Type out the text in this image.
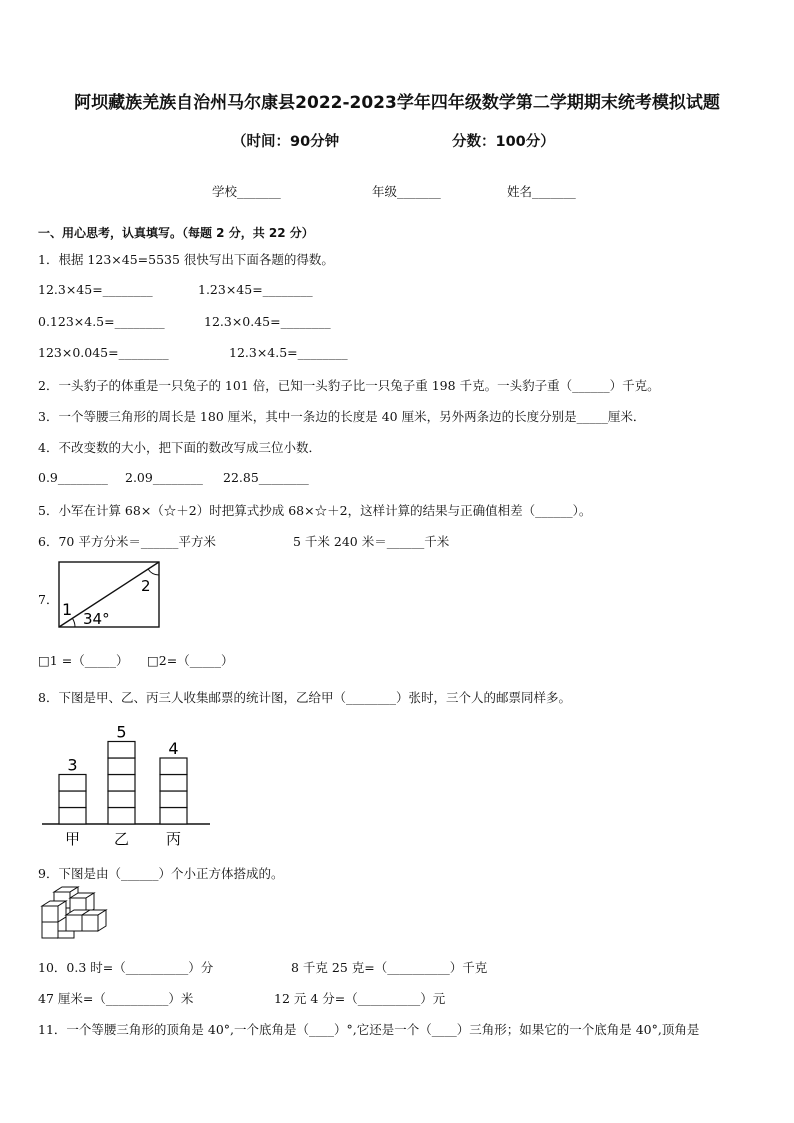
阿坝藏族羌族自治州马尔康县2022-2023学年四年级数学第二学期期末统考模拟试题
（时间：90分钟	分数：100分）
学校_______	年级_______	姓名_______
一、用心思考，认真填写。（每题 2 分，共 22 分）
1．根据 123×45=5535 很快写出下面各题的得数。
12.3×45=________	1.23×45=________
0.123×4.5=________	12.3×0.45=________
123×0.045=________	12.3×4.5=________
2．一头豹子的体重是一只兔子的 101 倍，已知一头豹子比一只兔子重 198 千克。一头豹子重（______）千克。
3．一个等腰三角形的周长是 180 厘米，其中一条边的长度是 40 厘米，另外两条边的长度分别是_____厘米．
4．不改变数的大小，把下面的数改写成三位小数．
0.9________ 2.09________ 22.85________
5．小军在计算 68×（☆＋2）时把算式抄成 68×☆＋2，这样计算的结果与正确值相差（______）。
6．70 平方分米＝______平方米	5 千米 240 米＝______千米
7．
1
2
34°
□1 =（_____） □2=（_____）
8．下图是甲、乙、丙三人收集邮票的统计图，乙给甲（________）张时，三个人的邮票同样多。
3
甲
5
乙
4
丙
9．下图是由（______）个小正方体搭成的。
10．0.3 时=（__________）分	8 千克 25 克=（__________）千克
47 厘米=（__________）米	12 元 4 分=（__________）元
11．一个等腰三角形的顶角是 40°,一个底角是（____）°,它还是一个（____）三角形；如果它的一个底角是 40°,顶角是
